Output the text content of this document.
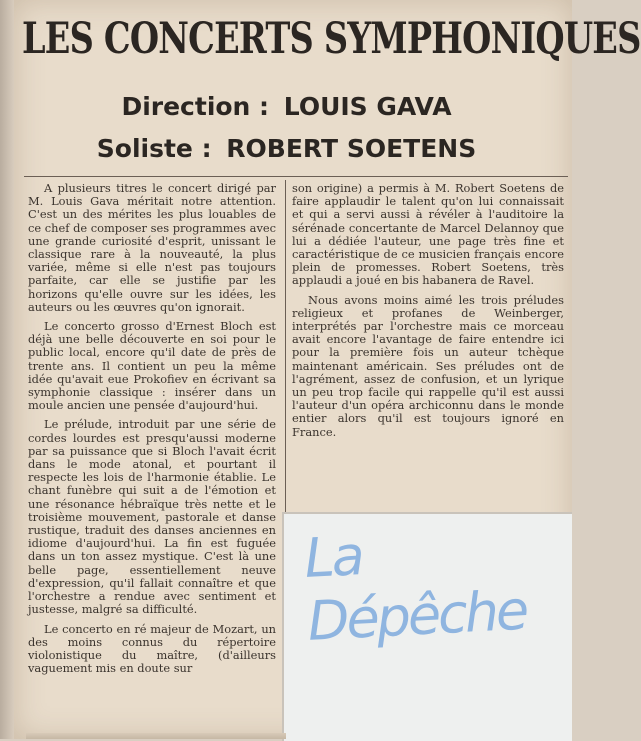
LES CONCERTS SYMPHONIQUES
Direction : LOUIS GAVA
Soliste : ROBERT SOETENS

A plusieurs titres le concert dirigé par M. Louis Gava méritait notre attention. C'est un des mérites les plus louables de ce chef de composer ses programmes avec une grande curiosité d'esprit, unissant le classique rare à la nouveauté, la plus variée, même si elle n'est pas toujours parfaite, car elle se justifie par les horizons qu'elle ouvre sur les idées, les auteurs ou les œuvres qu'on ignorait.

Le concerto grosso d'Ernest Bloch est déjà une belle découverte en soi pour le public local, encore qu'il date de près de trente ans. Il contient un peu la même idée qu'avait eue Prokofiev en écrivant sa symphonie classique : insérer dans un moule ancien une pensée d'aujourd'hui.

Le prélude, introduit par une série de cordes lourdes est presqu'aussi moderne par sa puissance que si Bloch l'avait écrit dans le mode atonal, et pourtant il respecte les lois de l'harmonie établie. Le chant funèbre qui suit a de l'émotion et une résonance hébraïque très nette et le troisième mouvement, pastorale et danse rustique, traduit des danses anciennes en idiome d'aujourd'hui. La fin est fuguée dans un ton assez mystique. C'est là une belle page, essentiellement neuve d'expression, qu'il fallait connaître et que l'orchestre a rendue avec sentiment et justesse, malgré sa difficulté.

Le concerto en ré majeur de Mozart, un des moins connus du répertoire violonistique du maître, (d'ailleurs vaguement mis en doute sur

son origine) a permis à M. Robert Soetens de faire applaudir le talent qu'on lui connaissait et qui a servi aussi à révéler à l'auditoire la sérénade concertante de Marcel Delannoy que lui a dédiée l'auteur, une page très fine et caractéristique de ce musicien français encore plein de promesses. Robert Soetens, très applaudi a joué en bis habanera de Ravel.

Nous avons moins aimé les trois préludes religieux et profanes de Weinberger, interprétés par l'orchestre mais ce morceau avait encore l'avantage de faire entendre ici pour la première fois un auteur tchèque maintenant américain. Ses préludes ont de l'agrément, assez de confusion, et un lyrique un peu trop facile qui rappelle qu'il est aussi l'auteur d'un opéra archiconnu dans le monde entier alors qu'il est toujours ignoré en France.

La Dépêche
